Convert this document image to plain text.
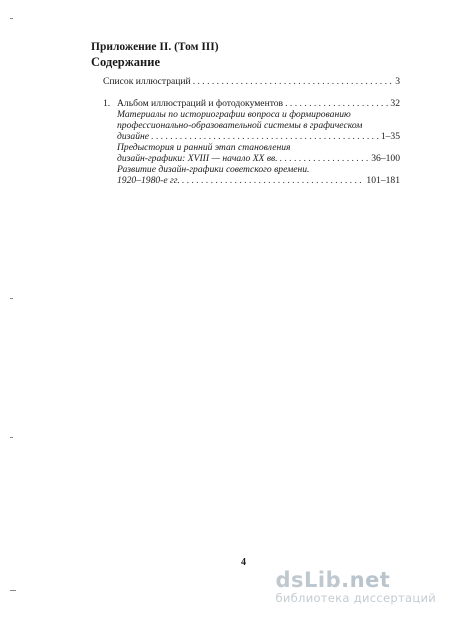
Приложение II. (Том III)
Содержание
Список иллюстраций . . .	3
1. Альбом иллюстраций и фотодокументов . . .	32
Материалы по историографии вопроса и формированию
профессионально-образовательной системы в графическом
дизайне . . .	1–35
Предыстория и ранний этап становления
дизайн-графики: XVIII — начало XX вв. . . .	36–100
Развитие дизайн-графики советского времени.
1920–1980-е гг. . . .	101–181
4
dsLib.net
библиотека диссертаций
